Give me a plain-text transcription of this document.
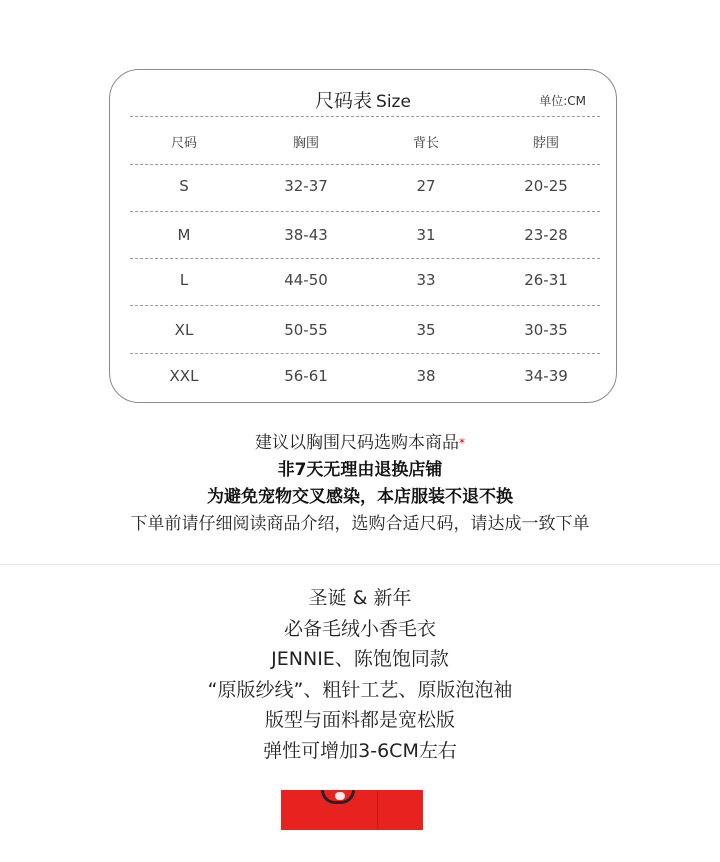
尺码表 Size	单位:CM
尺码	胸围	背长	脖围
S	32-37	27	20-25
M	38-43	31	23-28
L	44-50	33	26-31
XL	50-55	35	30-35
XXL	56-61	38	34-39
建议以胸围尺码选购本商品*
非7天无理由退换店铺
为避免宠物交叉感染，本店服装不退不换
下单前请仔细阅读商品介绍，选购合适尺码，请达成一致下单
圣诞 & 新年
必备毛绒小香毛衣
JENNIE、陈饱饱同款
“原版纱线”、粗针工艺、原版泡泡袖
版型与面料都是宽松版
弹性可增加3-6CM左右
